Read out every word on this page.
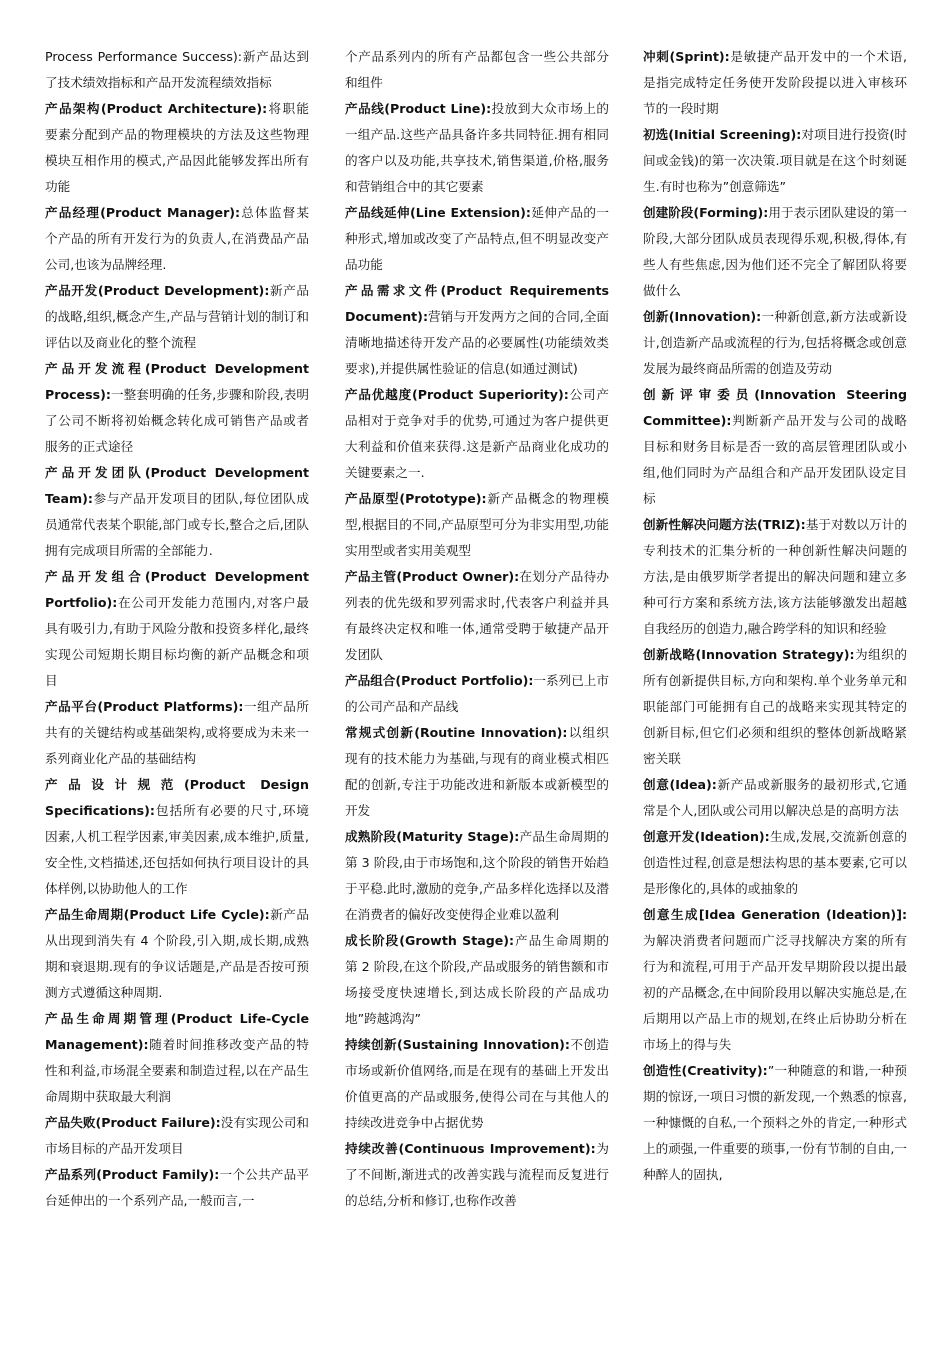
Process Performance Success):新产品达到了技术绩效指标和产品开发流程绩效指标

产品架构(Product Architecture):将职能要素分配到产品的物理模块的方法及这些物理模块互相作用的模式,产品因此能够发挥出所有功能

产品经理(Product Manager):总体监督某个产品的所有开发行为的负责人,在消费品产品公司,也该为品牌经理.

产品开发(Product Development):新产品的战略,组织,概念产生,产品与营销计划的制订和评估以及商业化的整个流程

产品开发流程(Product Development Process):一整套明确的任务,步骤和阶段,表明了公司不断将初始概念转化成可销售产品或者服务的正式途径

产品开发团队(Product Development Team):参与产品开发项目的团队,每位团队成员通常代表某个职能,部门或专长,整合之后,团队拥有完成项目所需的全部能力.

产品开发组合(Product Development Portfolio):在公司开发能力范围内,对客户最具有吸引力,有助于风险分散和投资多样化,最终实现公司短期长期目标均衡的新产品概念和项目

产品平台(Product Platforms):一组产品所共有的关键结构或基础架构,或将要成为未来一系列商业化产品的基础结构

产品设计规范(Product Design Specifications):包括所有必要的尺寸,环境因素,人机工程学因素,审美因素,成本维护,质量,安全性,文档描述,还包括如何执行项目设计的具体样例,以协助他人的工作

产品生命周期(Product Life Cycle):新产品从出现到消失有 4 个阶段,引入期,成长期,成熟期和衰退期.现有的争议话题是,产品是否按可预测方式遵循这种周期.

产品生命周期管理(Product Life-Cycle Management):随着时间推移改变产品的特性和利益,市场混全要素和制造过程,以在产品生命周期中获取最大利润

产品失败(Product Failure):没有实现公司和市场目标的产品开发项目

产品系列(Product Family):一个公共产品平台延伸出的一个系列产品,一般而言,一

个产品系列内的所有产品都包含一些公共部分和组件

产品线(Product Line):投放到大众市场上的一组产品.这些产品具备许多共同特征.拥有相同的客户以及功能,共享技术,销售渠道,价格,服务和营销组合中的其它要素

产品线延伸(Line Extension):延伸产品的一种形式,增加或改变了产品特点,但不明显改变产品功能

产品需求文件(Product Requirements Document):营销与开发两方之间的合同,全面清晰地描述待开发产品的必要属性(功能绩效类要求),并提供属性验证的信息(如通过测试)

产品优越度(Product Superiority):公司产品相对于竞争对手的优势,可通过为客户提供更大利益和价值来获得.这是新产品商业化成功的关键要素之一.

产品原型(Prototype):新产品概念的物理模型,根据目的不同,产品原型可分为非实用型,功能实用型或者实用美观型

产品主管(Product Owner):在划分产品待办列表的优先级和罗列需求时,代表客户利益并具有最终决定权和唯一体,通常受聘于敏捷产品开发团队

产品组合(Product Portfolio):一系列已上市的公司产品和产品线

常规式创新(Routine Innovation):以组织现有的技术能力为基础,与现有的商业模式相匹配的创新,专注于功能改进和新版本或新模型的开发

成熟阶段(Maturity Stage):产品生命周期的第 3 阶段,由于市场饱和,这个阶段的销售开始趋于平稳.此时,激励的竞争,产品多样化选择以及潜在消费者的偏好改变使得企业难以盈利

成长阶段(Growth Stage):产品生命周期的第 2 阶段,在这个阶段,产品或服务的销售额和市场接受度快速增长,到达成长阶段的产品成功地”跨越鸿沟”

持续创新(Sustaining Innovation):不创造市场或新价值网络,而是在现有的基础上开发出价值更高的产品或服务,使得公司在与其他人的持续改进竞争中占据优势

持续改善(Continuous Improvement):为了不间断,渐进式的改善实践与流程而反复进行的总结,分析和修订,也称作改善

冲刺(Sprint):是敏捷产品开发中的一个术语,是指完成特定任务使开发阶段提以进入审核环节的一段时期

初选(Initial Screening):对项目进行投资(时间或金钱)的第一次决策.项目就是在这个时刻诞生.有时也称为”创意筛选”

创建阶段(Forming):用于表示团队建设的第一阶段,大部分团队成员表现得乐观,积极,得体,有些人有些焦虑,因为他们还不完全了解团队将要做什么

创新(Innovation):一种新创意,新方法或新设计,创造新产品或流程的行为,包括将概念或创意发展为最终商品所需的创造及劳动

创新评审委员(Innovation Steering Committee):判断新产品开发与公司的战略目标和财务目标是否一致的高层管理团队或小组,他们同时为产品组合和产品开发团队设定目标

创新性解决问题方法(TRIZ):基于对数以万计的专利技术的汇集分析的一种创新性解决问题的方法,是由俄罗斯学者提出的解决问题和建立多种可行方案和系统方法,该方法能够激发出超越自我经历的创造力,融合跨学科的知识和经验

创新战略(Innovation Strategy):为组织的所有创新提供目标,方向和架构.单个业务单元和职能部门可能拥有自己的战略来实现其特定的创新目标,但它们必须和组织的整体创新战略紧密关联

创意(Idea):新产品或新服务的最初形式,它通常是个人,团队或公司用以解决总是的高明方法

创意开发(Ideation):生成,发展,交流新创意的创造性过程,创意是想法构思的基本要素,它可以是形像化的,具体的或抽象的

创意生成[Idea Generation (Ideation)]:为解决消费者问题而广泛寻找解决方案的所有行为和流程,可用于产品开发早期阶段以提出最初的产品概念,在中间阶段用以解决实施总是,在后期用以产品上市的规划,在终止后协助分析在市场上的得与失

创造性(Creativity):”一种随意的和谐,一种预期的惊讶,一项日习惯的新发现,一个熟悉的惊喜,一种慷慨的自私,一个预料之外的肯定,一种形式上的顽强,一件重要的琐事,一份有节制的自由,一种醉人的固执,
